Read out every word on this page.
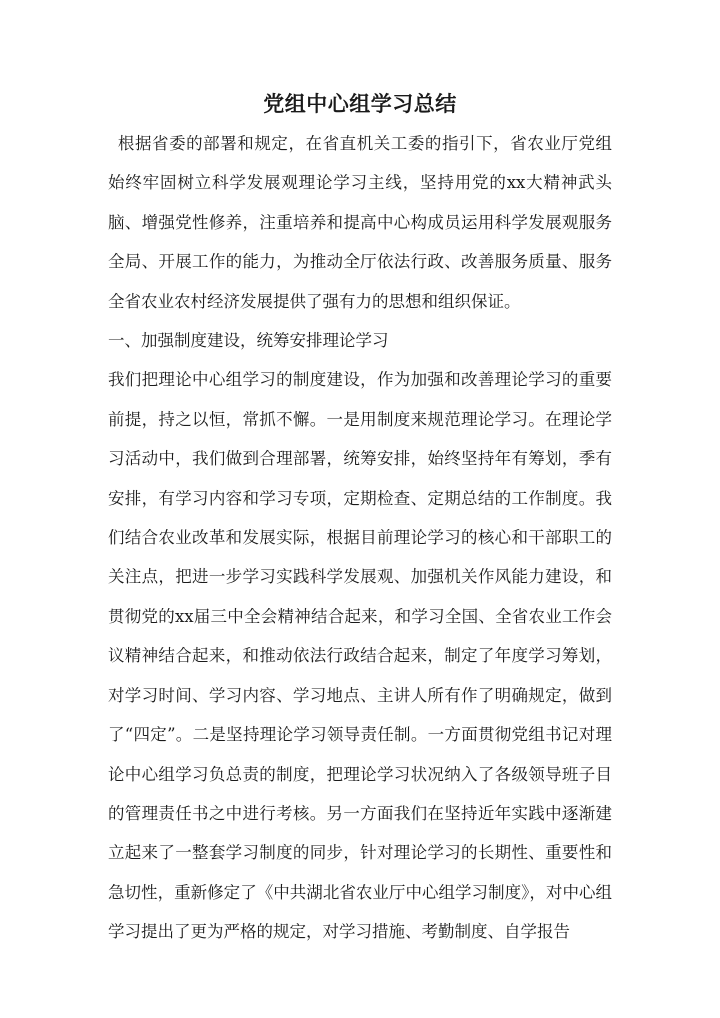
党组中心组学习总结

根据省委的部署和规定，在省直机关工委的指引下，省农业厅党组始终牢固树立科学发展观理论学习主线，坚持用党的xx大精神武头脑、增强党性修养，注重培养和提高中心构成员运用科学发展观服务全局、开展工作的能力，为推动全厅依法行政、改善服务质量、服务全省农业农村经济发展提供了强有力的思想和组织保证。

一、加强制度建设，统筹安排理论学习

我们把理论中心组学习的制度建设，作为加强和改善理论学习的重要前提，持之以恒，常抓不懈。一是用制度来规范理论学习。在理论学习活动中，我们做到合理部署，统筹安排，始终坚持年有筹划，季有安排，有学习内容和学习专项，定期检查、定期总结的工作制度。我们结合农业改革和发展实际，根据目前理论学习的核心和干部职工的关注点，把进一步学习实践科学发展观、加强机关作风能力建设，和贯彻党的xx届三中全会精神结合起来，和学习全国、全省农业工作会议精神结合起来，和推动依法行政结合起来，制定了年度学习筹划，对学习时间、学习内容、学习地点、主讲人所有作了明确规定，做到了“四定”。二是坚持理论学习领导责任制。一方面贯彻党组书记对理论中心组学习负总责的制度，把理论学习状况纳入了各级领导班子目的管理责任书之中进行考核。另一方面我们在坚持近年实践中逐渐建立起来了一整套学习制度的同步，针对理论学习的长期性、重要性和急切性，重新修定了《中共湖北省农业厅中心组学习制度》，对中心组学习提出了更为严格的规定，对学习措施、考勤制度、自学报告
